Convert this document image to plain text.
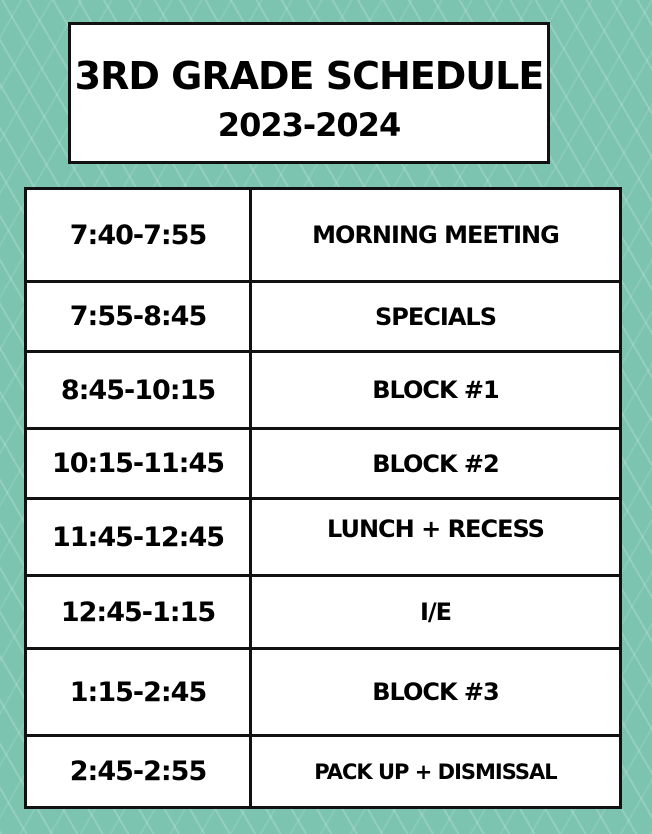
3RD GRADE SCHEDULE
2023-2024
7:40-7:55	MORNING MEETING
7:55-8:45	SPECIALS
8:45-10:15	BLOCK #1
10:15-11:45	BLOCK #2
11:45-12:45	LUNCH + RECESS
12:45-1:15	I/E
1:15-2:45	BLOCK #3
2:45-2:55	PACK UP + DISMISSAL
